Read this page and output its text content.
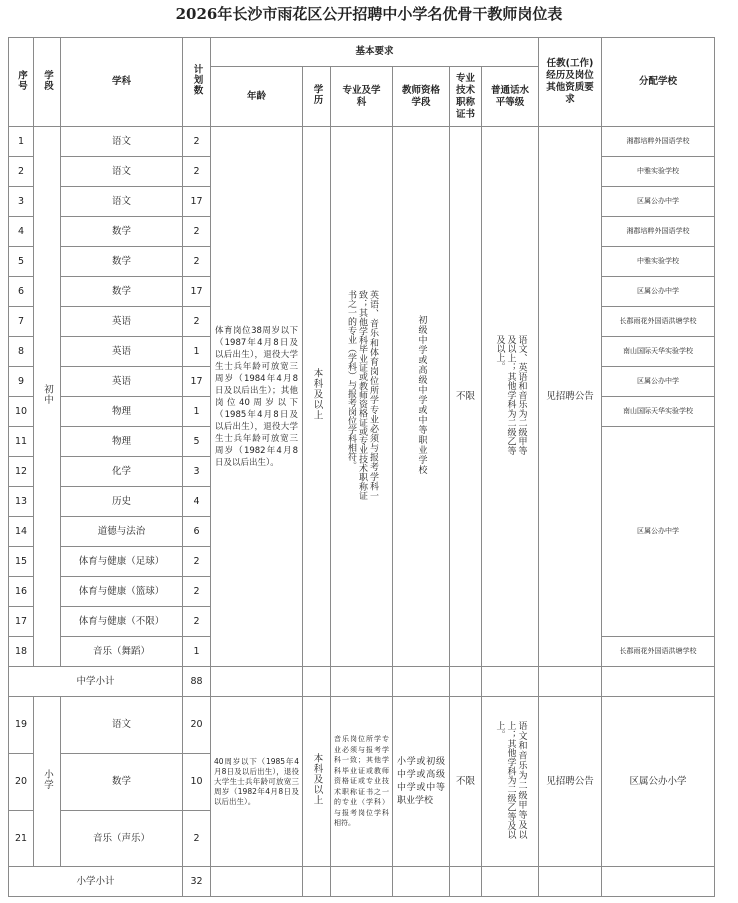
2026年长沙市雨花区公开招聘中小学名优骨干教师岗位表
序号	学段	学科	计划数	基本要求						任教(工作)经历及岗位其他资质要求	分配学校
				年龄	学历	专业及学科	教师资格学段	专业技术职称证书	普通话水平等级		
1	初中	语文	2	体育岗位38周岁以下（1987年4月8日及以后出生），退役大学生士兵年龄可放宽三周岁（1984年4月8日及以后出生）；其他岗位40周岁以下（1985年4月8日及以后出生），退役大学生士兵年龄可放宽三周岁（1982年4月8日及以后出生）。	本科及以上	英语、音乐和体育岗位所学专业必须与报考学科一致；其他学科毕业证或教师资格证或专业技术职称证书之一的专业（学科）与报考岗位学科相符。	初级中学或高级中学或中等职业学校	不限	语文、英语和音乐为二级甲等及以上；其他学科为二级乙等及以上。	见招聘公告	湘郡培粹外国语学校
2		语文	2								中雅实验学校
3		语文	17								区属公办中学
4		数学	2								湘郡培粹外国语学校
5		数学	2								中雅实验学校
6		数学	17								区属公办中学
7		英语	2								长郡雨花外国语洪塘学校
8		英语	1								南山国际天华实验学校
9		英语	17								区属公办中学
10		物理	1								南山国际天华实验学校
11		物理	5								区属公办中学
12		化学	3								
13		历史	4								
14		道德与法治	6								
15		体育与健康（足球）	2								
16		体育与健康（篮球）	2								
17		体育与健康（不限）	2								
18		音乐（舞蹈）	1								长郡雨花外国语洪塘学校
中学小计			88								
19	小学	语文	20	40周岁以下（1985年4月8日及以后出生），退役大学生士兵年龄可放宽三周岁（1982年4月8日及以后出生）。	本科及以上	音乐岗位所学专业必须与报考学科一致；其他学科毕业证或教师资格证或专业技术职称证书之一的专业（学科）与报考岗位学科相符。	小学或初级中学或高级中学或中等职业学校	不限	语文和音乐为二级甲等及以上；其他学科为二级乙等及以上。	见招聘公告	区属公办小学
20		数学	10								
21		音乐（声乐）	2								
小学小计			32								
